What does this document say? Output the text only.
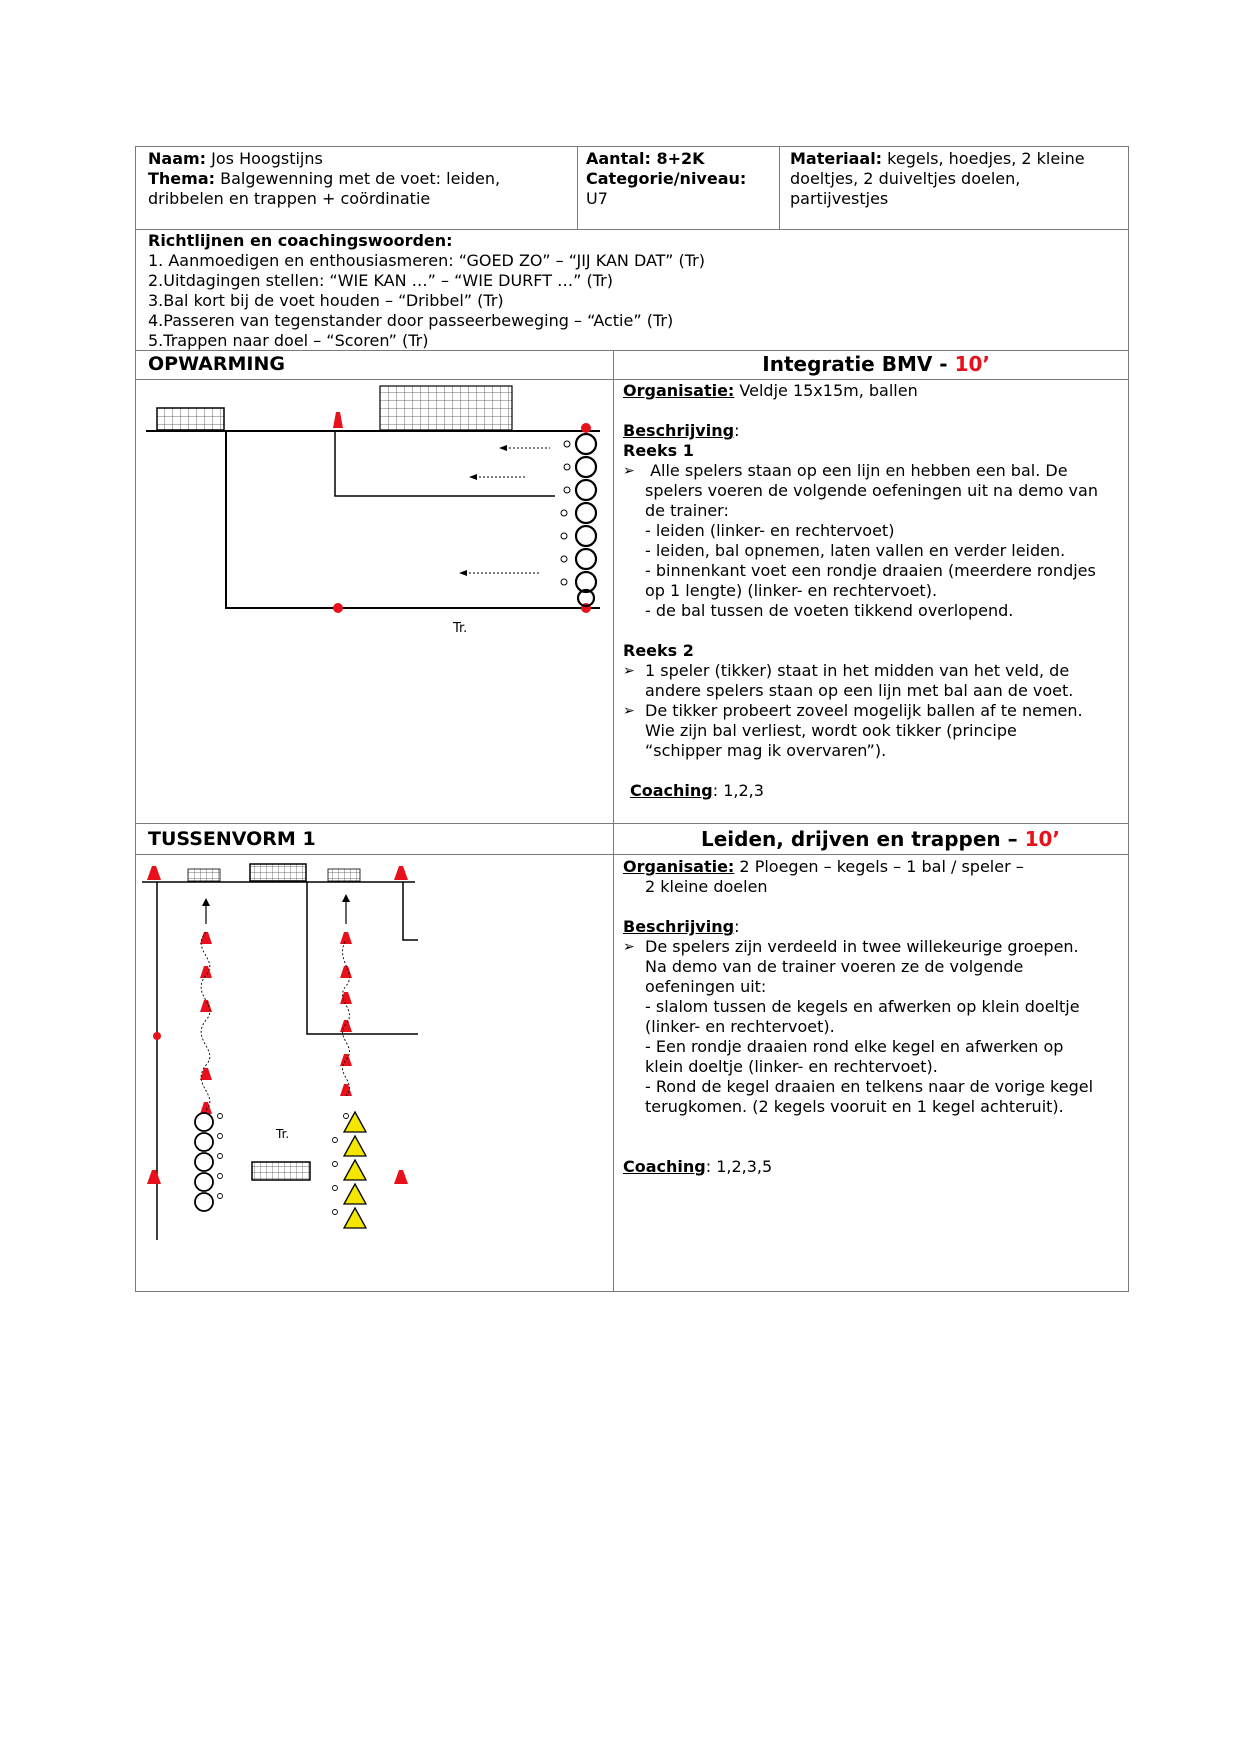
Naam: Jos Hoogstijns
Thema: Balgewenning met de voet: leiden,
dribbelen en trappen + coördinatie
Aantal: 8+2K
Categorie/niveau:
U7
Materiaal: kegels, hoedjes, 2 kleine
doeltjes, 2 duiveltjes doelen,
partijvestjes
Richtlijnen en coachingswoorden:
1. Aanmoedigen en enthousiasmeren: “GOED ZO” – “JIJ KAN DAT” (Tr)
2.Uitdagingen stellen: “WIE KAN …” – “WIE DURFT …” (Tr)
3.Bal kort bij de voet houden – “Dribbel” (Tr)
4.Passeren van tegenstander door passeerbeweging – “Actie” (Tr)
5.Trappen naar doel – “Scoren” (Tr)
OPWARMING	Integratie BMV - 10’
Tr.
Organisatie: Veldje 15x15m, ballen
Beschrijving:
Reeks 1
➢ Alle spelers staan op een lijn en hebben een bal. De
spelers voeren de volgende oefeningen uit na demo van
de trainer:
- leiden (linker- en rechtervoet)
- leiden, bal opnemen, laten vallen en verder leiden.
- binnenkant voet een rondje draaien (meerdere rondjes
op 1 lengte) (linker- en rechtervoet).
- de bal tussen de voeten tikkend overlopend.
Reeks 2
➢ 1 speler (tikker) staat in het midden van het veld, de
andere spelers staan op een lijn met bal aan de voet.
➢ De tikker probeert zoveel mogelijk ballen af te nemen.
Wie zijn bal verliest, wordt ook tikker (principe
“schipper mag ik overvaren”).
Coaching: 1,2,3
TUSSENVORM 1	Leiden, drijven en trappen – 10’
Tr.
Organisatie: 2 Ploegen – kegels – 1 bal / speler –
2 kleine doelen
Beschrijving:
➢ De spelers zijn verdeeld in twee willekeurige groepen.
Na demo van de trainer voeren ze de volgende
oefeningen uit:
- slalom tussen de kegels en afwerken op klein doeltje
(linker- en rechtervoet).
- Een rondje draaien rond elke kegel en afwerken op
klein doeltje (linker- en rechtervoet).
- Rond de kegel draaien en telkens naar de vorige kegel
terugkomen. (2 kegels vooruit en 1 kegel achteruit).
Coaching: 1,2,3,5
